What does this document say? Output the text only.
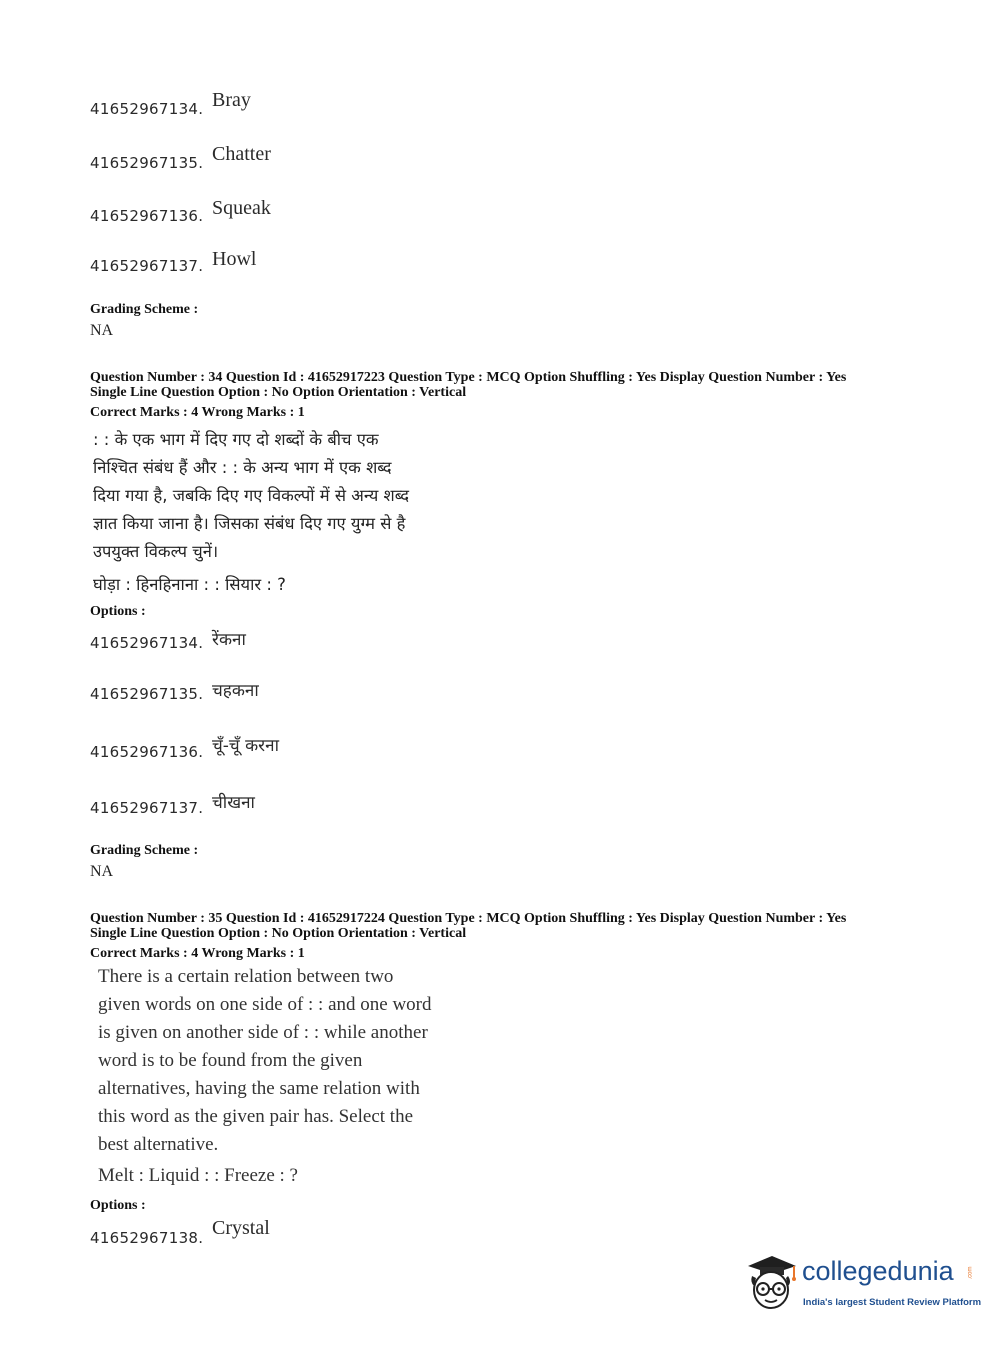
41652967134. Bray
41652967135. Chatter
41652967136. Squeak
41652967137. Howl
Grading Scheme :
NA
Question Number : 34 Question Id : 41652917223 Question Type : MCQ Option Shuffling : Yes Display Question Number : Yes
Single Line Question Option : No Option Orientation : Vertical
Correct Marks : 4 Wrong Marks : 1
: : के एक भाग में दिए गए दो शब्दों के बीच एक
निश्चित संबंध हैं और : : के अन्य भाग में एक शब्द
दिया गया है, जबकि दिए गए विकल्पों में से अन्य शब्द
ज्ञात किया जाना है। जिसका संबंध दिए गए युग्म से है
उपयुक्त विकल्प चुनें।
घोड़ा : हिनहिनाना : : सियार : ?
Options :
41652967134. रेंकना
41652967135. चहकना
41652967136. चूँ-चूँ करना
41652967137. चीखना
Grading Scheme :
NA
Question Number : 35 Question Id : 41652917224 Question Type : MCQ Option Shuffling : Yes Display Question Number : Yes
Single Line Question Option : No Option Orientation : Vertical
Correct Marks : 4 Wrong Marks : 1
There is a certain relation between two
given words on one side of : : and one word
is given on another side of : : while another
word is to be found from the given
alternatives, having the same relation with
this word as the given pair has. Select the
best alternative.
Melt : Liquid : : Freeze : ?
Options :
41652967138. Crystal
collegedunia .com
India's largest Student Review Platform
